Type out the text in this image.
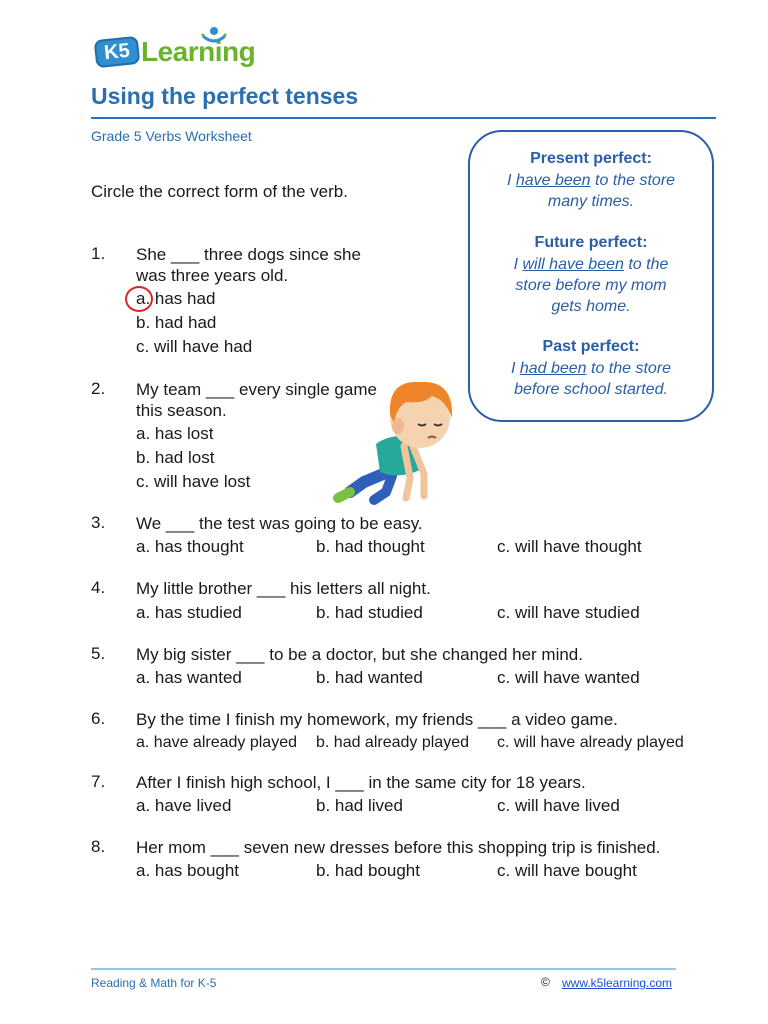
K5 Learning
Using the perfect tenses
Grade 5 Verbs Worksheet
Circle the correct form of the verb.
Present perfect:
I have been to the store
many times.
Future perfect:
I will have been to the
store before my mom
gets home.
Past perfect:
I had been to the store
before school started.
1. She ___ three dogs since she
was three years old.
a. has had
b. had had
c. will have had
2. My team ___ every single game
this season.
a. has lost
b. had lost
c. will have lost
3. We ___ the test was going to be easy.
a. has thought	b. had thought	c. will have thought
4. My little brother ___ his letters all night.
a. has studied	b. had studied	c. will have studied
5. My big sister ___ to be a doctor, but she changed her mind.
a. has wanted	b. had wanted	c. will have wanted
6. By the time I finish my homework, my friends ___ a video game.
a. have already played b. had already played c. will have already played
7. After I finish high school, I ___ in the same city for 18 years.
a. have lived	b. had lived	c. will have lived
8. Her mom ___ seven new dresses before this shopping trip is finished.
a. has bought	b. had bought	c. will have bought
Reading & Math for K-5	© www.k5learning.com
